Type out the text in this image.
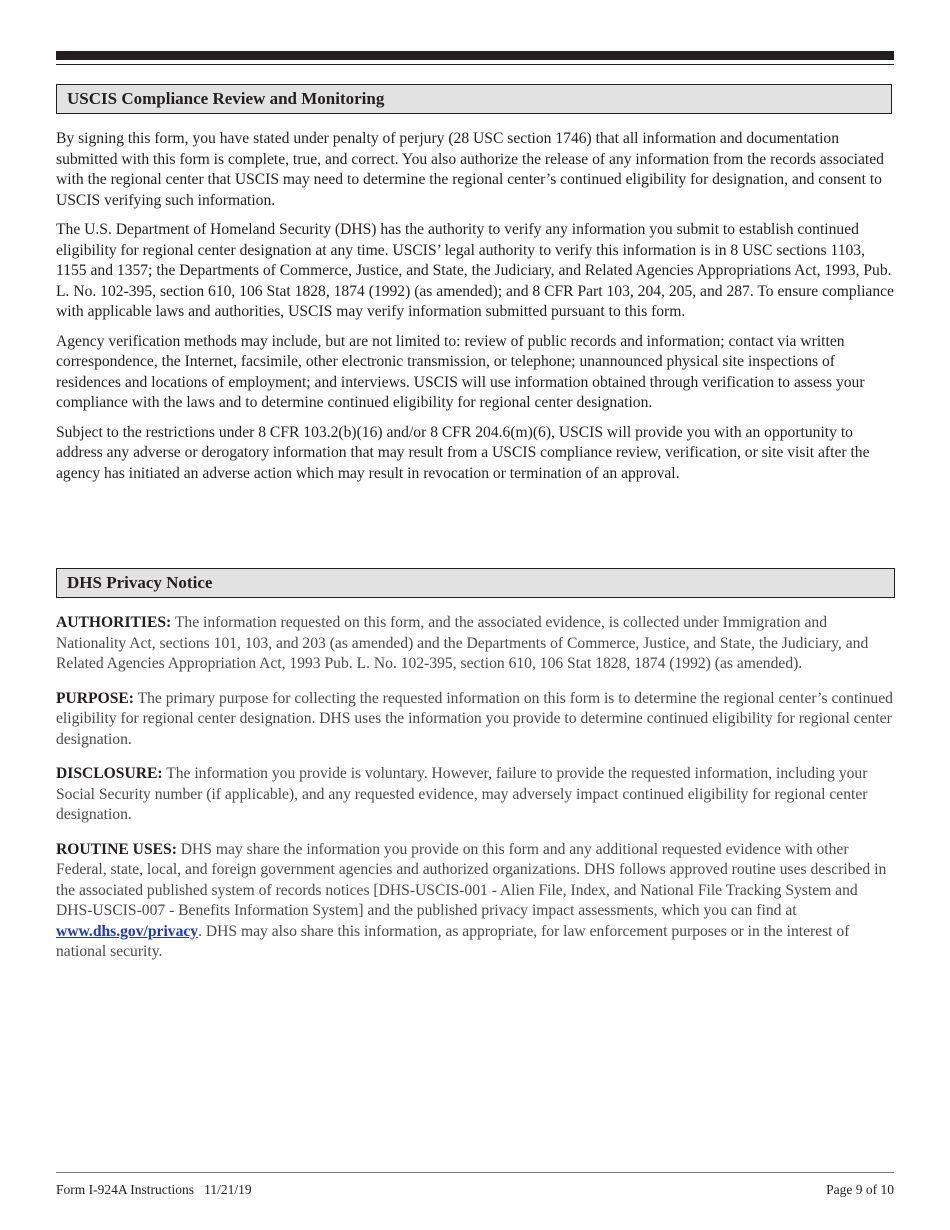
USCIS Compliance Review and Monitoring

By signing this form, you have stated under penalty of perjury (28 USC section 1746) that all information and documentation submitted with this form is complete, true, and correct. You also authorize the release of any information from the records associated with the regional center that USCIS may need to determine the regional center’s continued eligibility for designation, and consent to USCIS verifying such information.

The U.S. Department of Homeland Security (DHS) has the authority to verify any information you submit to establish continued eligibility for regional center designation at any time. USCIS’ legal authority to verify this information is in 8 USC sections 1103, 1155 and 1357; the Departments of Commerce, Justice, and State, the Judiciary, and Related Agencies Appropriations Act, 1993, Pub. L. No. 102-395, section 610, 106 Stat 1828, 1874 (1992) (as amended); and 8 CFR Part 103, 204, 205, and 287. To ensure compliance with applicable laws and authorities, USCIS may verify information submitted pursuant to this form.

Agency verification methods may include, but are not limited to: review of public records and information; contact via written correspondence, the Internet, facsimile, other electronic transmission, or telephone; unannounced physical site inspections of residences and locations of employment; and interviews. USCIS will use information obtained through verification to assess your compliance with the laws and to determine continued eligibility for regional center designation.

Subject to the restrictions under 8 CFR 103.2(b)(16) and/or 8 CFR 204.6(m)(6), USCIS will provide you with an opportunity to address any adverse or derogatory information that may result from a USCIS compliance review, verification, or site visit after the agency has initiated an adverse action which may result in revocation or termination of an approval.

DHS Privacy Notice

AUTHORITIES: The information requested on this form, and the associated evidence, is collected under Immigration and Nationality Act, sections 101, 103, and 203 (as amended) and the Departments of Commerce, Justice, and State, the Judiciary, and Related Agencies Appropriation Act, 1993 Pub. L. No. 102-395, section 610, 106 Stat 1828, 1874 (1992) (as amended).

PURPOSE: The primary purpose for collecting the requested information on this form is to determine the regional center’s continued eligibility for regional center designation. DHS uses the information you provide to determine continued eligibility for regional center designation.

DISCLOSURE: The information you provide is voluntary. However, failure to provide the requested information, including your Social Security number (if applicable), and any requested evidence, may adversely impact continued eligibility for regional center designation.

ROUTINE USES: DHS may share the information you provide on this form and any additional requested evidence with other Federal, state, local, and foreign government agencies and authorized organizations. DHS follows approved routine uses described in the associated published system of records notices [DHS-USCIS-001 - Alien File, Index, and National File Tracking System and DHS-USCIS-007 - Benefits Information System] and the published privacy impact assessments, which you can find at www.dhs.gov/privacy. DHS may also share this information, as appropriate, for law enforcement purposes or in the interest of national security.

Form I-924A Instructions   11/21/19	Page 9 of 10
